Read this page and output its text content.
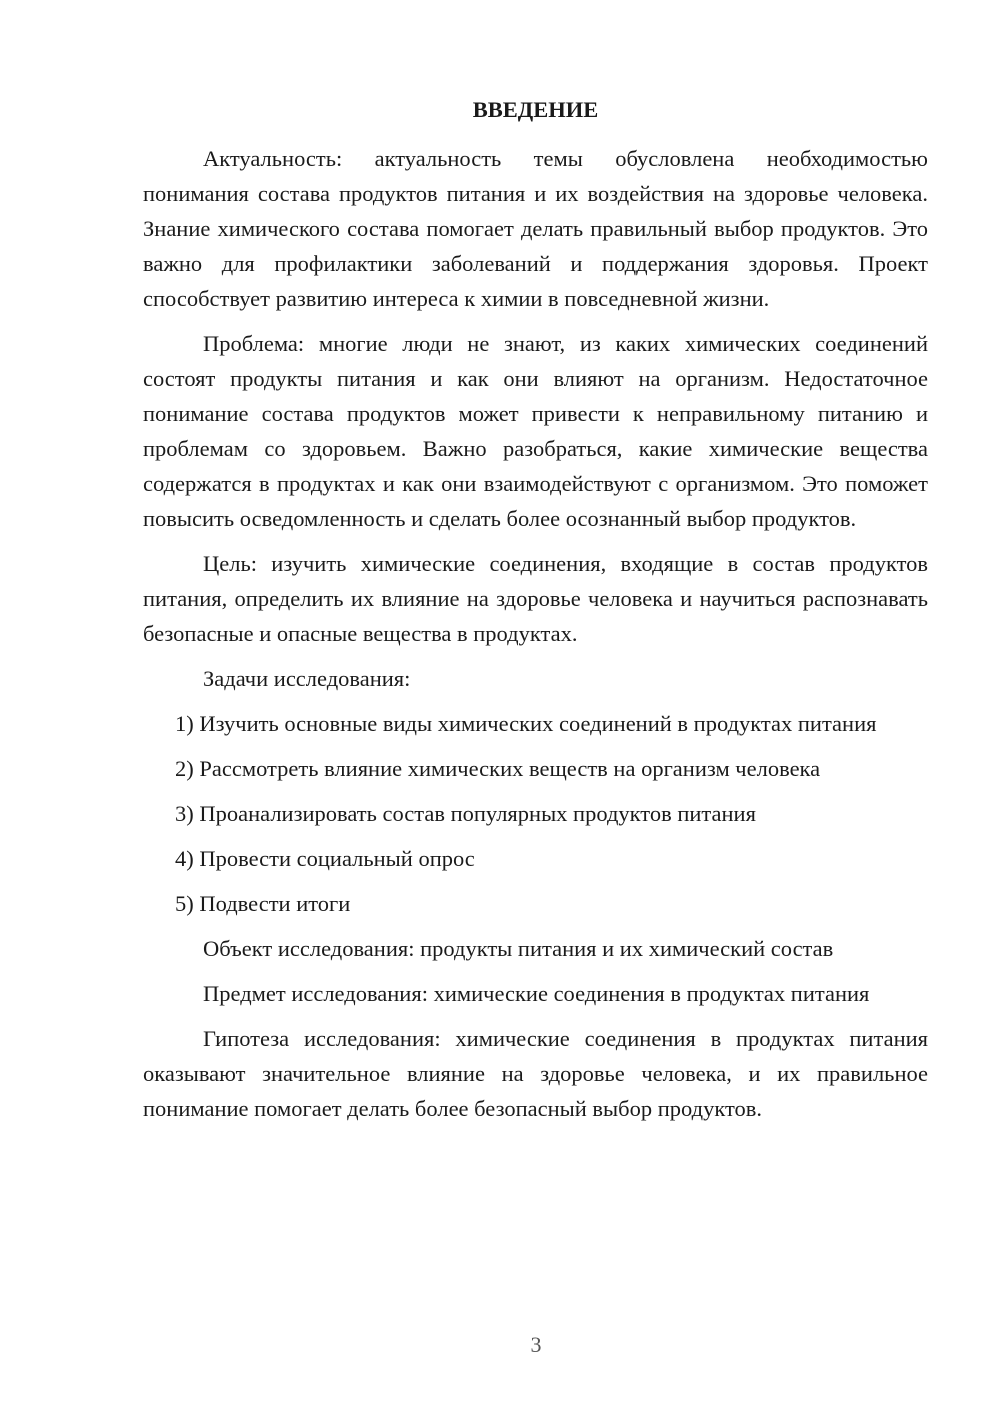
ВВЕДЕНИЕ

Актуальность: актуальность темы обусловлена необходимостью понимания состава продуктов питания и их воздействия на здоровье человека. Знание химического состава помогает делать правильный выбор продуктов. Это важно для профилактики заболеваний и поддержания здоровья. Проект способствует развитию интереса к химии в повседневной жизни.

Проблема: многие люди не знают, из каких химических соединений состоят продукты питания и как они влияют на организм. Недостаточное понимание состава продуктов может привести к неправильному питанию и проблемам со здоровьем. Важно разобраться, какие химические вещества содержатся в продуктах и как они взаимодействуют с организмом. Это поможет повысить осведомленность и сделать более осознанный выбор продуктов.

Цель: изучить химические соединения, входящие в состав продуктов питания, определить их влияние на здоровье человека и научиться распознавать безопасные и опасные вещества в продуктах.

Задачи исследования:

1) Изучить основные виды химических соединений в продуктах питания

2) Рассмотреть влияние химических веществ на организм человека

3) Проанализировать состав популярных продуктов питания

4) Провести социальный опрос

5) Подвести итоги

Объект исследования: продукты питания и их химический состав

Предмет исследования: химические соединения в продуктах питания

Гипотеза исследования: химические соединения в продуктах питания оказывают значительное влияние на здоровье человека, и их правильное понимание помогает делать более безопасный выбор продуктов.

3
